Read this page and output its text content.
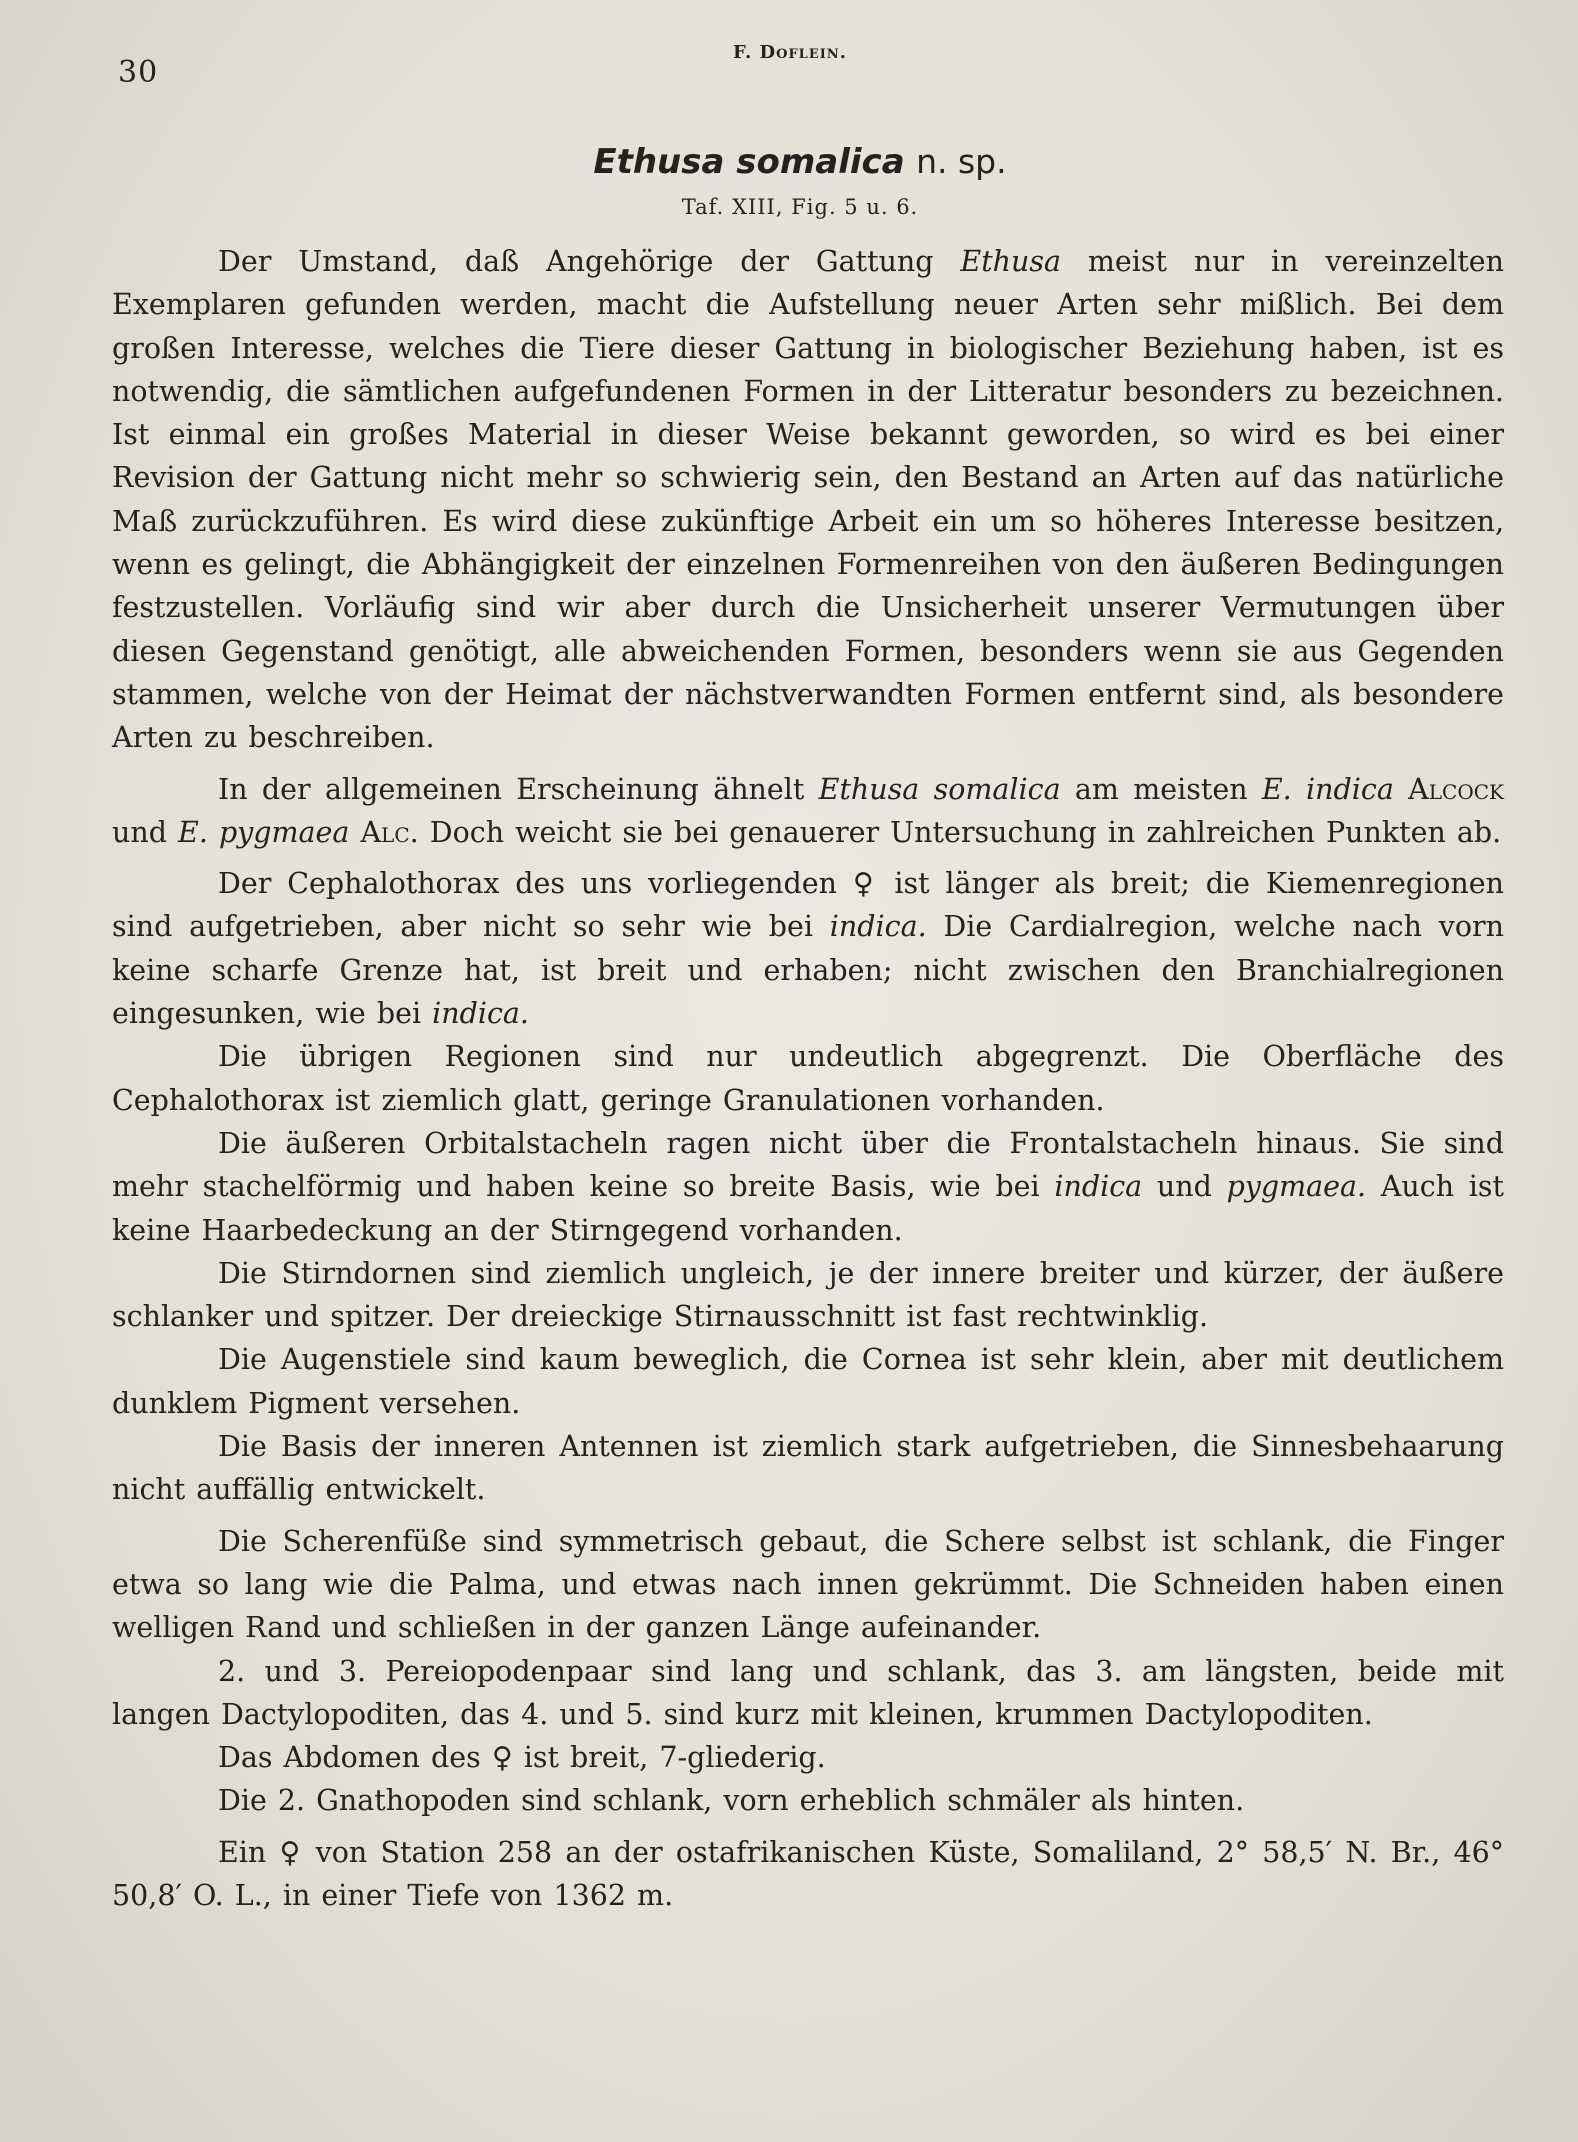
30
F. Doflein.
Ethusa somalica n. sp.
Taf. XIII, Fig. 5 u. 6.

Der Umstand, daß Angehörige der Gattung Ethusa meist nur in vereinzelten Exemplaren gefunden werden, macht die Aufstellung neuer Arten sehr mißlich. Bei dem großen Interesse, welches die Tiere dieser Gattung in biologischer Beziehung haben, ist es notwendig, die sämtlichen aufgefundenen Formen in der Litteratur besonders zu bezeichnen. Ist einmal ein großes Material in dieser Weise bekannt geworden, so wird es bei einer Revision der Gattung nicht mehr so schwierig sein, den Bestand an Arten auf das natürliche Maß zurückzuführen. Es wird diese zukünftige Arbeit ein um so höheres Interesse besitzen, wenn es gelingt, die Abhängigkeit der einzelnen Formenreihen von den äußeren Bedingungen festzustellen. Vorläufig sind wir aber durch die Unsicherheit unserer Vermutungen über diesen Gegenstand genötigt, alle abweichenden Formen, besonders wenn sie aus Gegenden stammen, welche von der Heimat der nächstverwandten Formen entfernt sind, als besondere Arten zu beschreiben.

In der allgemeinen Erscheinung ähnelt Ethusa somalica am meisten E. indica Alcock und E. pygmaea Alc. Doch weicht sie bei genauerer Untersuchung in zahlreichen Punkten ab.

Der Cephalothorax des uns vorliegenden ♀ ist länger als breit; die Kiemenregionen sind aufgetrieben, aber nicht so sehr wie bei indica. Die Cardialregion, welche nach vorn keine scharfe Grenze hat, ist breit und erhaben; nicht zwischen den Branchialregionen eingesunken, wie bei indica.

Die übrigen Regionen sind nur undeutlich abgegrenzt. Die Oberfläche des Cephalothorax ist ziemlich glatt, geringe Granulationen vorhanden.

Die äußeren Orbitalstacheln ragen nicht über die Frontalstacheln hinaus. Sie sind mehr stachelförmig und haben keine so breite Basis, wie bei indica und pygmaea. Auch ist keine Haarbedeckung an der Stirngegend vorhanden.

Die Stirndornen sind ziemlich ungleich, je der innere breiter und kürzer, der äußere schlanker und spitzer. Der dreieckige Stirnausschnitt ist fast rechtwinklig.

Die Augenstiele sind kaum beweglich, die Cornea ist sehr klein, aber mit deutlichem dunklem Pigment versehen.

Die Basis der inneren Antennen ist ziemlich stark aufgetrieben, die Sinnesbehaarung nicht auffällig entwickelt.

Die Scherenfüße sind symmetrisch gebaut, die Schere selbst ist schlank, die Finger etwa so lang wie die Palma, und etwas nach innen gekrümmt. Die Schneiden haben einen welligen Rand und schließen in der ganzen Länge aufeinander.

2. und 3. Pereiopodenpaar sind lang und schlank, das 3. am längsten, beide mit langen Dactylopoditen, das 4. und 5. sind kurz mit kleinen, krummen Dactylopoditen.

Das Abdomen des ♀ ist breit, 7-gliederig.

Die 2. Gnathopoden sind schlank, vorn erheblich schmäler als hinten.

Ein ♀ von Station 258 an der ostafrikanischen Küste, Somaliland, 2° 58,5′ N. Br., 46° 50,8′ O. L., in einer Tiefe von 1362 m.
